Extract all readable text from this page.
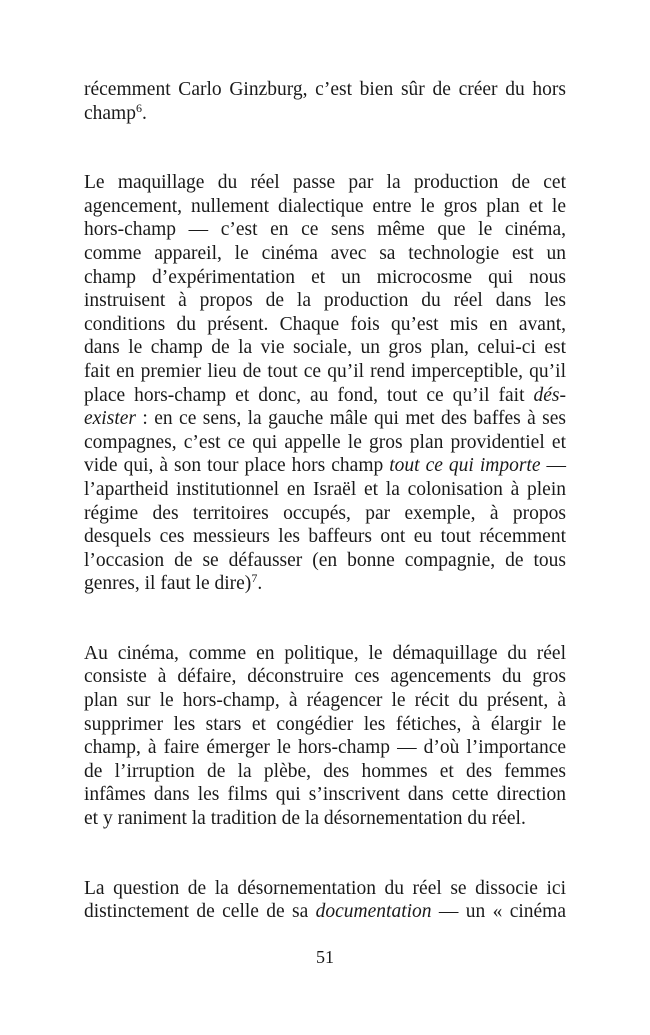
récemment Carlo Ginzburg, c’est bien sûr de créer du hors
champ$^6$.

Le maquillage du réel passe par la production de cet
agencement, nullement dialectique entre le gros plan et le
hors-champ — c’est en ce sens même que le cinéma,
comme appareil, le cinéma avec sa technologie est un
champ d’expérimentation et un microcosme qui nous
instruisent à propos de la production du réel dans les
conditions du présent. Chaque fois qu’est mis en avant,
dans le champ de la vie sociale, un gros plan, celui-ci est
fait en premier lieu de tout ce qu’il rend imperceptible, qu’il
place hors-champ et donc, au fond, tout ce qu’il fait dés-
exister : en ce sens, la gauche mâle qui met des baffes à ses
compagnes, c’est ce qui appelle le gros plan providentiel et
vide qui, à son tour place hors champ tout ce qui importe —
l’apartheid institutionnel en Israël et la colonisation à plein
régime des territoires occupés, par exemple, à propos
desquels ces messieurs les baffeurs ont eu tout récemment
l’occasion de se défausser (en bonne compagnie, de tous
genres, il faut le dire)$^7$.

Au cinéma, comme en politique, le démaquillage du réel
consiste à défaire, déconstruire ces agencements du gros
plan sur le hors-champ, à réagencer le récit du présent, à
supprimer les stars et congédier les fétiches, à élargir le
champ, à faire émerger le hors-champ — d’où l’importance
de l’irruption de la plèbe, des hommes et des femmes
infâmes dans les films qui s’inscrivent dans cette direction
et y raniment la tradition de la désornementation du réel.

La question de la désornementation du réel se dissocie ici
distinctement de celle de sa documentation — un « cinéma

51
